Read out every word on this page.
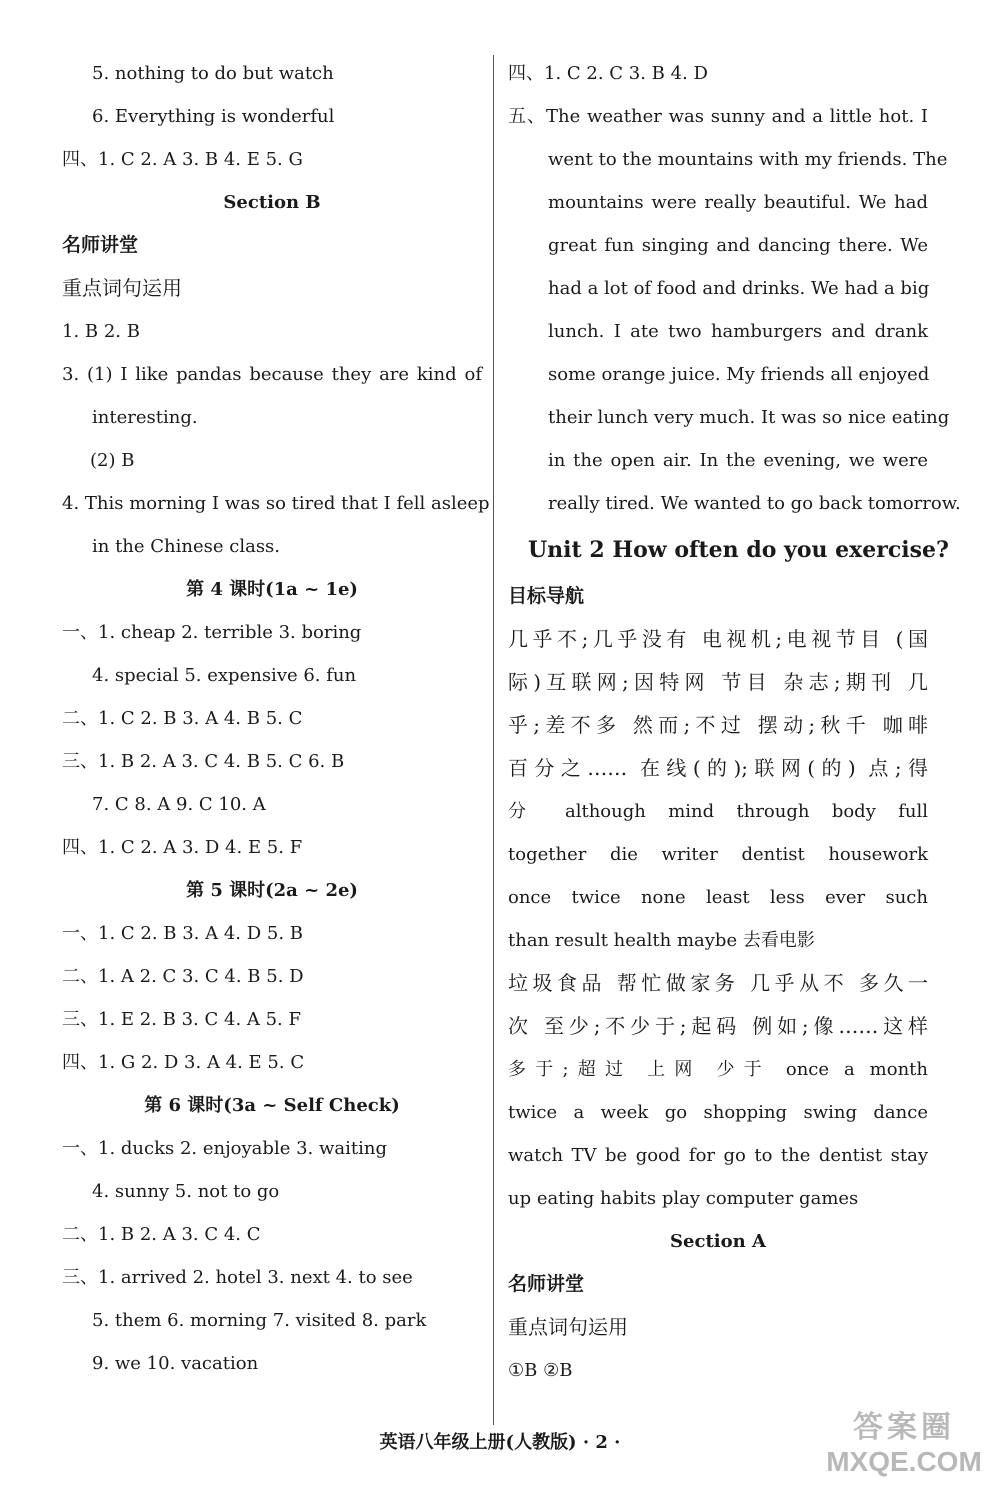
5. nothing to do but watch
6. Everything is wonderful
四、1. C 2. A 3. B 4. E 5. G
Section B
名师讲堂
重点词句运用
1. B 2. B
3. (1) I like pandas because they are kind of
interesting.
(2) B
4. This morning I was so tired that I fell asleep
in the Chinese class.
第 4 课时(1a ~ 1e)
一、1. cheap 2. terrible 3. boring
4. special 5. expensive 6. fun
二、1. C 2. B 3. A 4. B 5. C
三、1. B 2. A 3. C 4. B 5. C 6. B
7. C 8. A 9. C 10. A
四、1. C 2. A 3. D 4. E 5. F
第 5 课时(2a ~ 2e)
一、1. C 2. B 3. A 4. D 5. B
二、1. A 2. C 3. C 4. B 5. D
三、1. E 2. B 3. C 4. A 5. F
四、1. G 2. D 3. A 4. E 5. C
第 6 课时(3a ~ Self Check)
一、1. ducks 2. enjoyable 3. waiting
4. sunny 5. not to go
二、1. B 2. A 3. C 4. C
三、1. arrived 2. hotel 3. next 4. to see
5. them 6. morning 7. visited 8. park
9. we 10. vacation
四、1. C 2. C 3. B 4. D
五、The weather was sunny and a little hot. I
went to the mountains with my friends. The
mountains were really beautiful. We had
great fun singing and dancing there. We
had a lot of food and drinks. We had a big
lunch. I ate two hamburgers and drank
some orange juice. My friends all enjoyed
their lunch very much. It was so nice eating
in the open air. In the evening, we were
really tired. We wanted to go back tomorrow.
Unit 2 How often do you exercise?
目标导航
几乎不;几乎没有 电视机;电视节目 (国
际)互联网;因特网 节目 杂志;期刊 几
乎;差不多 然而;不过 摆动;秋千 咖啡
百分之…… 在线(的);联网(的) 点;得
分 although mind through body full
together die writer dentist housework
once twice none least less ever such
than result health maybe 去看电影
垃圾食品 帮忙做家务 几乎从不 多久一
次 至少;不少于;起码 例如;像……这样
多于;超过 上网 少于 once a month
twice a week go shopping swing dance
watch TV be good for go to the dentist stay
up eating habits play computer games
Section A
名师讲堂
重点词句运用
①B ②B
英语八年级上册(人教版) · 2 ·	答案圈
MXQE.COM
